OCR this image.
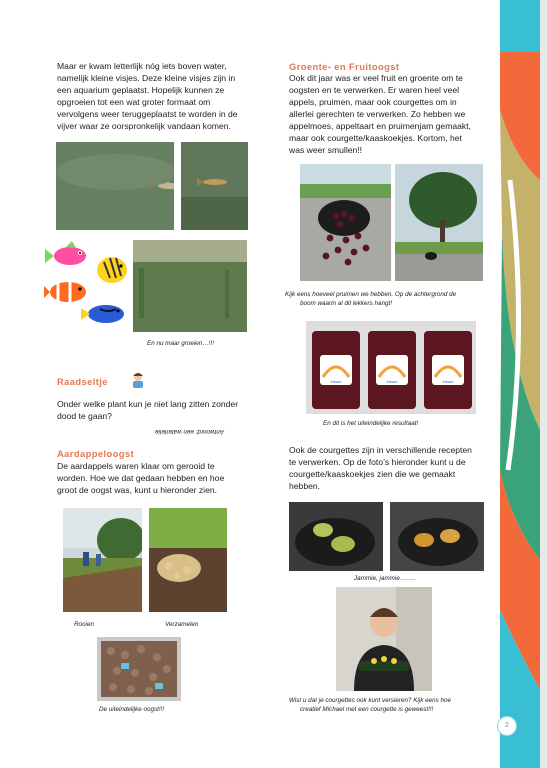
Maar er kwam letterlijk nóg iets boven water,

namelijk kleine visjes. Deze kleine visjes zijn in

een aquarium geplaatst. Hopelijk kunnen ze

opgroeien tot een wat groter formaat om

vervolgens weer teruggeplaatst te worden in de

vijver waar ze oorspronkelijk vandaan komen.

En nu maar groeien…!!!

Raadseltje

Onder welke plant kun je niet lang zitten zonder

dood te gaan?

Antwoord: een waterlelie
Aardappeloogst

De aardappels waren klaar om gerooid te

worden. Hoe we dat gedaan hebben en hoe

groot de oogst was, kunt u hieronder zien.

Rooien	Verzamelen

De uiteindelijke oogst!!!

Groente- en Fruitoogst

Ook dit jaar was er veel fruit en groente om te

oogsten en te verwerken. Er waren heel veel

appels, pruimen, maar ook courgettes om in

allerlei gerechten te verwerken. Zo hebben we

appelmoes, appeltaart en pruimenjam gemaakt,

maar ook courgette/kaaskoekjes. Kortom, het

was weer smullen!!

Kijk eens hoeveel pruimen we hebben. Op de achtergrond de

boom waarin al dit lekkers hangt!

ideaal	ideaal	ideaal

En dit is het uiteindelijke resultaat!

Ook de courgettes zijn in verschillende recepten

te verwerken. Op de foto’s hieronder kunt u de

courgette/kaaskoekjes zien die we gemaakt

hebben.

Jammie, jammie……..

Wist u dat je courgettes ook kunt versieren? Kijk eens hoe

creatief Michael met een courgette is geweest!!!

2
